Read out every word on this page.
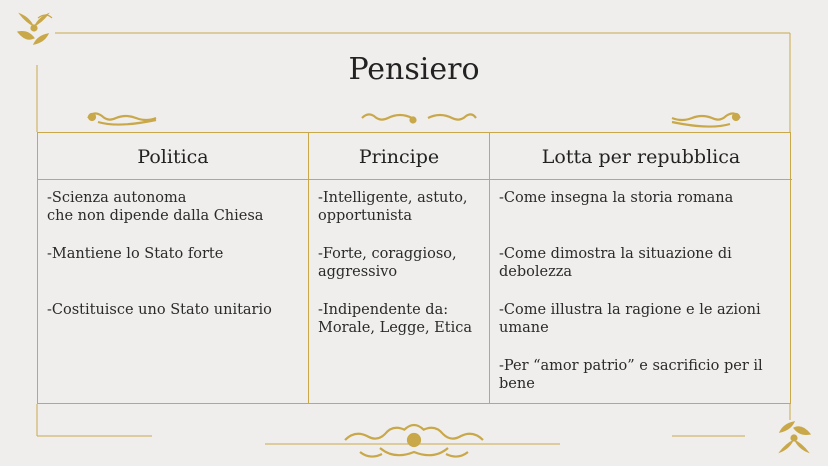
Pensiero
Politica
-Scienza autonoma
che non dipende dalla Chiesa
-Mantiene lo Stato forte
-Costituisce uno Stato unitario
Principe
-Intelligente, astuto,
opportunista
-Forte, coraggioso,
aggressivo
-Indipendente da:
Morale, Legge, Etica
Lotta per repubblica
-Come insegna la storia romana
-Come dimostra la situazione di
debolezza
-Come illustra la ragione e le azioni
umane
-Per “amor patrio” e sacrificio per il
bene
